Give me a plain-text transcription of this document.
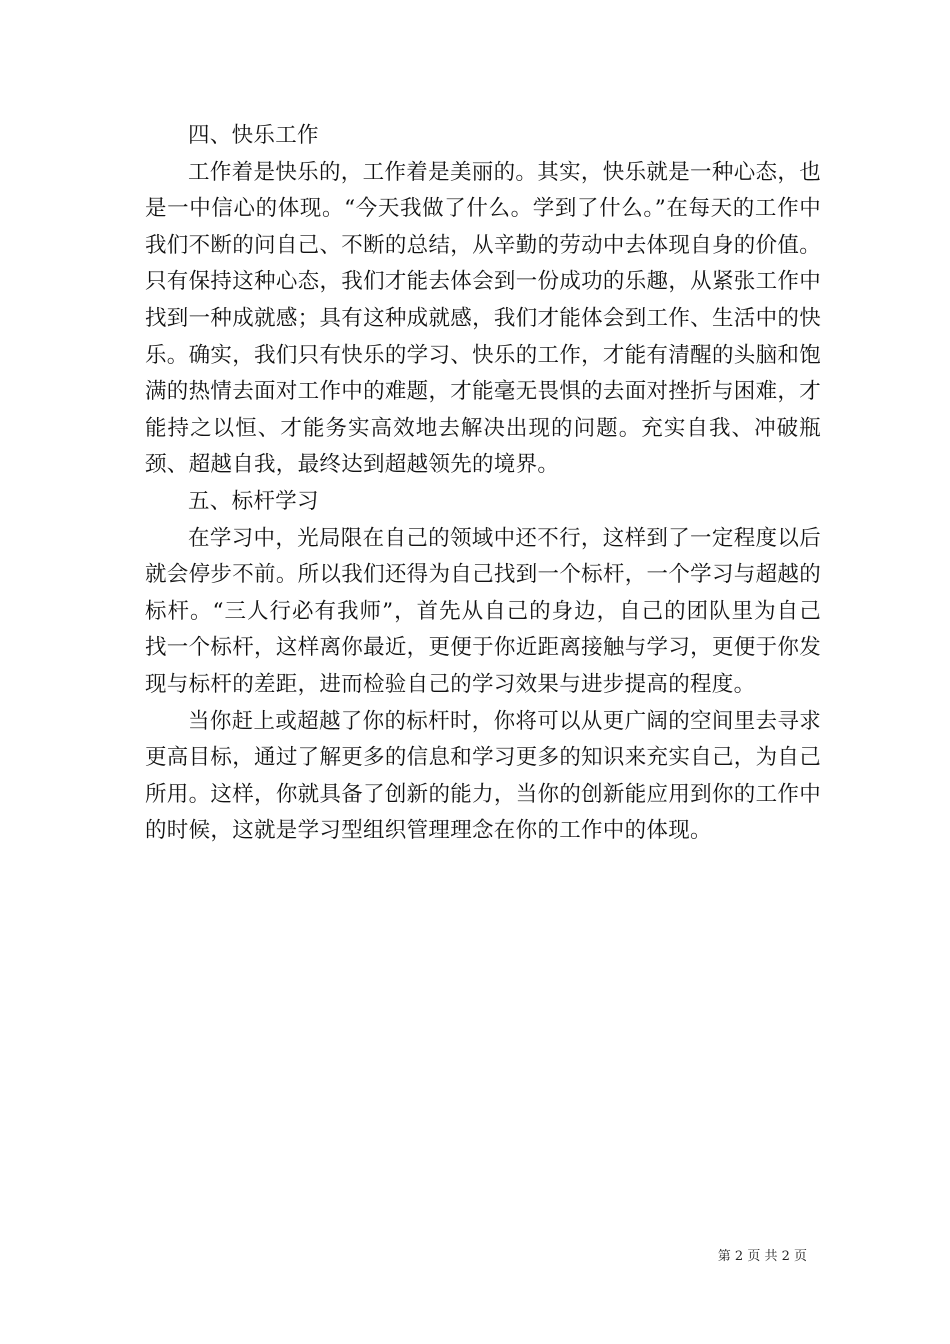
四、快乐工作

工作着是快乐的，工作着是美丽的。其实，快乐就是一种心态，也是一中信心的体现。“今天我做了什么。学到了什么。”在每天的工作中我们不断的问自己、不断的总结，从辛勤的劳动中去体现自身的价值。只有保持这种心态，我们才能去体会到一份成功的乐趣，从紧张工作中找到一种成就感；具有这种成就感，我们才能体会到工作、生活中的快乐。确实，我们只有快乐的学习、快乐的工作，才能有清醒的头脑和饱满的热情去面对工作中的难题，才能毫无畏惧的去面对挫折与困难，才能持之以恒、才能务实高效地去解决出现的问题。充实自我、冲破瓶颈、超越自我，最终达到超越领先的境界。

五、标杆学习

在学习中，光局限在自己的领域中还不行，这样到了一定程度以后就会停步不前。所以我们还得为自己找到一个标杆，一个学习与超越的标杆。“三人行必有我师”，首先从自己的身边，自己的团队里为自己找一个标杆，这样离你最近，更便于你近距离接触与学习，更便于你发现与标杆的差距，进而检验自己的学习效果与进步提高的程度。

当你赶上或超越了你的标杆时，你将可以从更广阔的空间里去寻求更高目标，通过了解更多的信息和学习更多的知识来充实自己，为自己所用。这样，你就具备了创新的能力，当你的创新能应用到你的工作中的时候，这就是学习型组织管理理念在你的工作中的体现。

第 2 页 共 2 页
